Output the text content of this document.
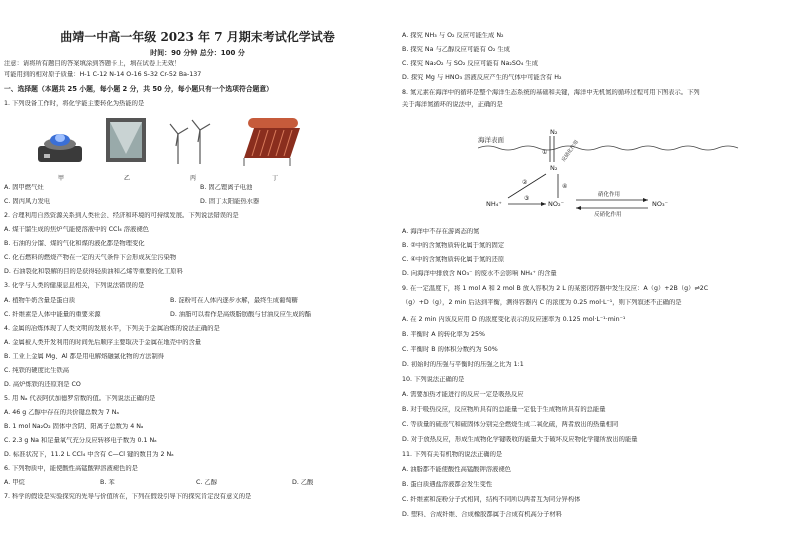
曲靖一中高一年级 2023 年 7 月期末考试化学试卷
时间：90 分钟 总分：100 分
注意：请将所有题目的答案填涂到答题卡上，填在试卷上无效！
可能用到的相对原子质量：H-1 C-12 N-14 O-16 S-32 Cr-52 Ba-137
一、选择题（本题共 25 小题，每小题 2 分，共 50 分，每小题只有一个选项符合题意）
1. 下列设备工作时，将化学能主要转化为热能的是
甲	乙	丙	丁
A. 固甲燃气灶	B. 固乙锂离子电池
C. 固丙风力发电	D. 固丁太阳能热水器
2. 合理利用自然资源关系到人类社会、经济和环境的可持续发展。下列说法错误的是
A. 煤干馏生成的焦炉气能使溶液中的 CCl₄ 溶液褪色
B. 石油的分馏、煤的气化和煤的液化都是物理变化
C. 化石燃料的燃烧产物在一定的天气条件下会形成灰尘污染物
D. 石油裂化和裂解的目的是获得轻质油和乙烯等重要的化工原料
3. 化学与人类的健康息息相关，下列说法错误的是
A. 植物牛奶含量是蛋白质	B. 淀粉可在人体内逐步水解，最终生成葡萄糖
C. 纤维素是人体中能量的重要来源	D. 油脂可以看作是高级脂肪酸与甘油反应生成的酯
4. 金属的冶炼体现了人类文明的发展水平，下列关于金属冶炼的说法正确的是
A. 金属被人类开发利用的时间先后顺序主要取决于金属在地壳中的含量
B. 工业上金属 Mg、Al 都是用电解熔融氯化物的方法制得
C. 纯铁的硬度比生铁高
D. 高炉炼铁的还原剂是 CO
5. 用 Nₐ 代表阿伏加德罗常数的值。下列说法正确的是
A. 46 g 乙醇中存在的共价键总数为 7 Nₐ
B. 1 mol Na₂O₂ 固体中含阴、阳离子总数为 4 Nₐ
C. 2.3 g Na 和足量氧气充分反应转移电子数为 0.1 Nₐ
D. 标准状况下，11.2 L CCl₄ 中含有 C—Cl 键的数目为 2 Nₐ
6. 下列物质中，能使酸性高锰酸钾溶液褪色的是
A. 甲烷	B. 苯	C. 乙醇	D. 乙酸
7. 科学的假设是实验探究的先导与价值所在，下列在假设引导下的探究肯定没有意义的是
A. 探究 NH₃ 与 O₂ 反应可能生成 N₂
B. 探究 Na 与乙醇反应可能有 O₂ 生成
C. 探究 Na₂O₂ 与 SO₂ 反应可能有 Na₂SO₄ 生成
D. 探究 Mg 与 HNO₃ 溶液反应产生的气体中可能含有 H₂
8. 氮元素在海洋中的循环是整个海洋生态系统的基础和关键，海洋中无机氮的循环过程可用下图表示。下列
关于海洋氮循环的说法中，正确的是
海洋表面
N₂
①
N₂
②
④
反硝化作用
NH₄⁺
③
NO₂⁻
硝化作用
反硝化作用
NO₃⁻
A. 海洋中不存在游离态的氮
B. ②中的含氮物质转化属于氮的固定
C. ④中的含氮物质转化属于氮的还原
D. 向海洋中排放含 NO₃⁻ 的废水不会影响 NH₄⁺ 的含量
9. 在一定温度下，将 1 mol A 和 2 mol B 放入容积为 2 L 的某密闭容器中发生反应：A（g）+2B（g）⇌2C
（g）+D（g），2 min 后达到平衡，测得容器内 C 的浓度为 0.25 mol·L⁻¹，则下列叙述不正确的是
A. 在 2 min 内该反应用 D 的浓度变化表示的反应速率为 0.125 mol·L⁻¹·min⁻¹
B. 平衡时 A 的转化率为 25%
C. 平衡时 B 的体积分数约为 50%
D. 初始时的压强与平衡时的压强之比为 1:1
10. 下列说法正确的是
A. 需要加热才能进行的反应一定是吸热反应
B. 对于吸热反应，反应物所具有的总能量一定低于生成物所具有的总能量
C. 等质量的硫蒸气和硫固体分别完全燃烧生成二氧化硫，两者放出的热量相同
D. 对于放热反应，形成生成物化学键吸收的能量大于破坏反应物化学键所放出的能量
11. 下列有关有机物的说法正确的是
A. 油脂都不能使酸性高锰酸钾溶液褪色
B. 蛋白质遇盐溶液都会发生变性
C. 纤维素和淀粉分子式相同，结构不同所以两者互为同分异构体
D. 塑料、合成纤维、合成橡胶都属于合成有机高分子材料
